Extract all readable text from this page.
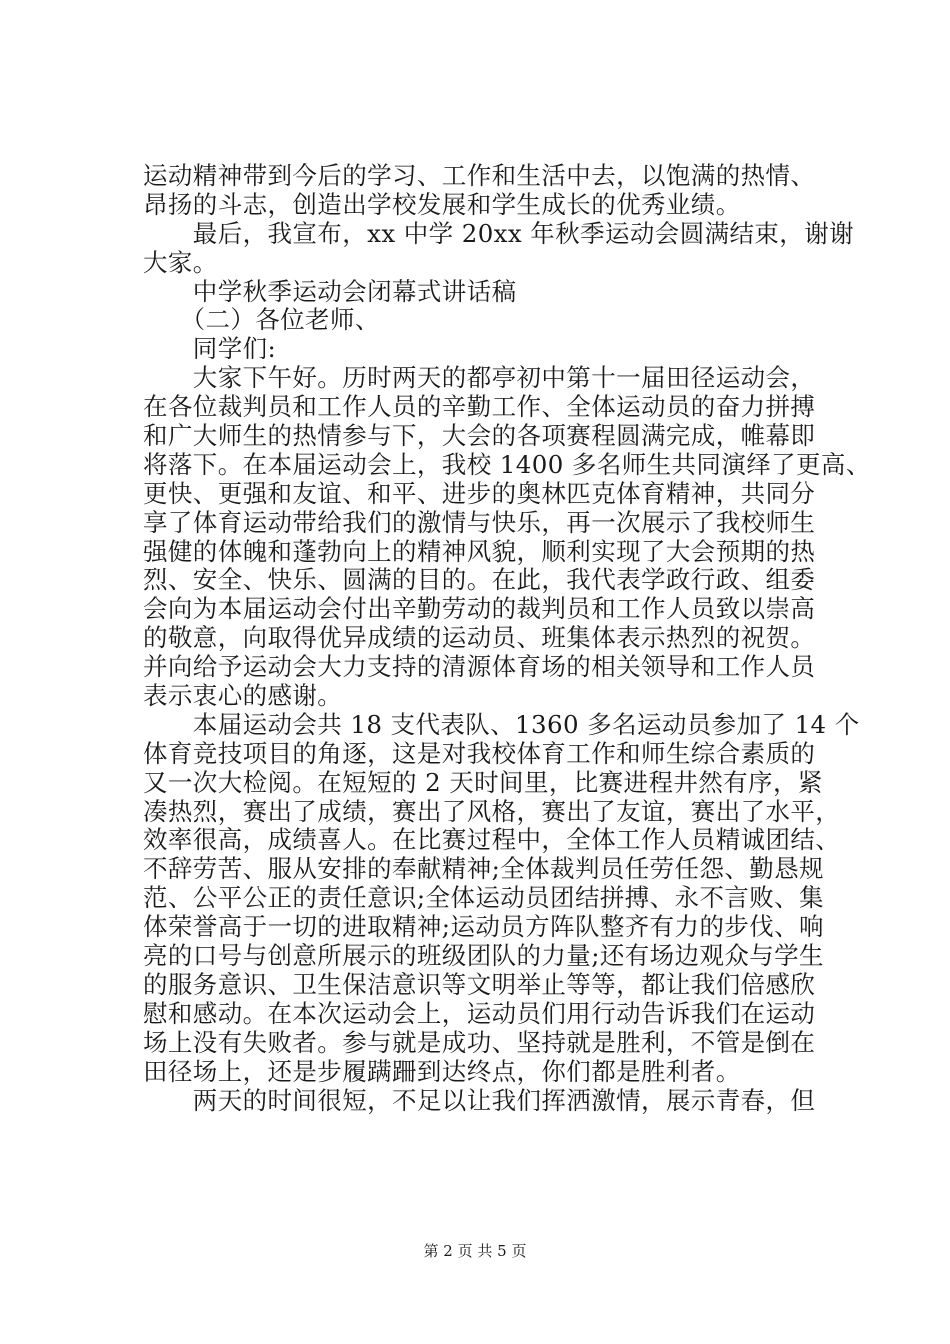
运动精神带到今后的学习、工作和生活中去，以饱满的热情、
昂扬的斗志，创造出学校发展和学生成长的优秀业绩。
　　最后，我宣布，xx 中学 20xx 年秋季运动会圆满结束，谢谢
大家。
　　中学秋季运动会闭幕式讲话稿
　　（二）各位老师、
　　同学们:
　　大家下午好。历时两天的都亭初中第十一届田径运动会，
在各位裁判员和工作人员的辛勤工作、全体运动员的奋力拼搏
和广大师生的热情参与下，大会的各项赛程圆满完成，帷幕即
将落下。在本届运动会上，我校 1400 多名师生共同演绎了更高、
更快、更强和友谊、和平、进步的奥林匹克体育精神，共同分
享了体育运动带给我们的激情与快乐，再一次展示了我校师生
强健的体魄和蓬勃向上的精神风貌，顺利实现了大会预期的热
烈、安全、快乐、圆满的目的。在此，我代表学政行政、组委
会向为本届运动会付出辛勤劳动的裁判员和工作人员致以崇高
的敬意，向取得优异成绩的运动员、班集体表示热烈的祝贺。
并向给予运动会大力支持的清源体育场的相关领导和工作人员
表示衷心的感谢。
　　本届运动会共 18 支代表队、1360 多名运动员参加了 14 个
体育竞技项目的角逐，这是对我校体育工作和师生综合素质的
又一次大检阅。在短短的 2 天时间里，比赛进程井然有序，紧
凑热烈，赛出了成绩，赛出了风格，赛出了友谊，赛出了水平，
效率很高，成绩喜人。在比赛过程中，全体工作人员精诚团结、
不辞劳苦、服从安排的奉献精神;全体裁判员任劳任怨、勤恳规
范、公平公正的责任意识;全体运动员团结拼搏、永不言败、集
体荣誉高于一切的进取精神;运动员方阵队整齐有力的步伐、响
亮的口号与创意所展示的班级团队的力量;还有场边观众与学生
的服务意识、卫生保洁意识等文明举止等等，都让我们倍感欣
慰和感动。在本次运动会上，运动员们用行动告诉我们在运动
场上没有失败者。参与就是成功、坚持就是胜利，不管是倒在
田径场上，还是步履蹒跚到达终点，你们都是胜利者。
　　两天的时间很短，不足以让我们挥洒激情，展示青春，但
第 2 页 共 5 页
